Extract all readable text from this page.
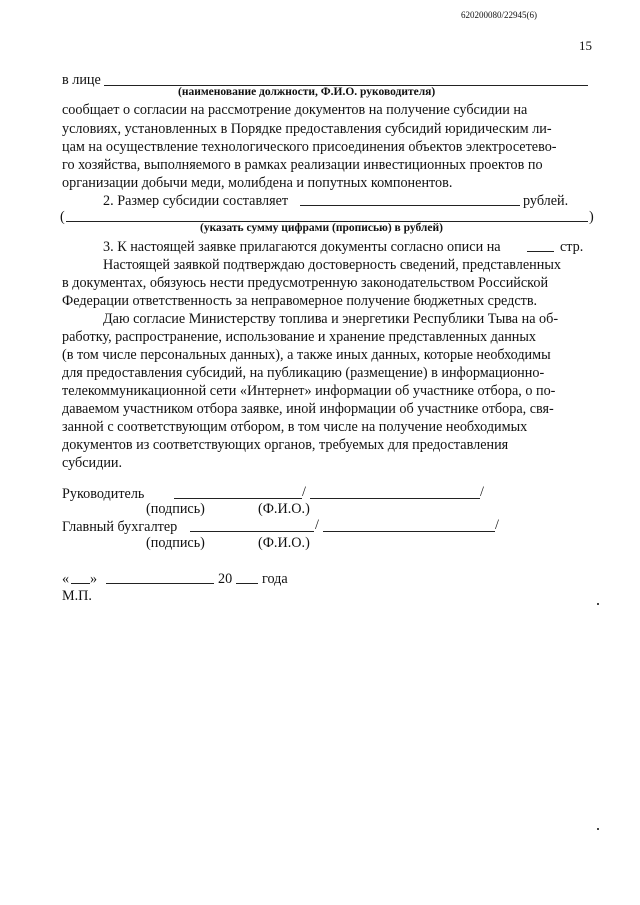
620200080/22945(6)
15
в лице
(наименование должности, Ф.И.О. руководителя)
сообщает о согласии на рассмотрение документов на получение субсидии на
условиях, установленных в Порядке предоставления субсидий юридическим ли-
цам на осуществление технологического присоединения объектов электросетево-
го хозяйства, выполняемого в рамках реализации инвестиционных проектов по
организации добычи меди, молибдена и попутных компонентов.
2. Размер субсидии составляет	рублей.
(	)
(указать сумму цифрами (прописью) в рублей)
3. К настоящей заявке прилагаются документы согласно описи на	стр.
Настоящей заявкой подтверждаю достоверность сведений, представленных
в документах, обязуюсь нести предусмотренную законодательством Российской
Федерации ответственность за неправомерное получение бюджетных средств.
Даю согласие Министерству топлива и энергетики Республики Тыва на об-
работку, распространение, использование и хранение представленных данных
(в том числе персональных данных), а также иных данных, которые необходимы
для предоставления субсидий, на публикацию (размещение) в информационно-
телекоммуникационной сети «Интернет» информации об участнике отбора, о по-
даваемом участником отбора заявке, иной информации об участнике отбора, свя-
занной с соответствующим отбором, в том числе на получение необходимых
документов из соответствующих органов, требуемых для предоставления
субсидии.
Руководитель	/	/
(подпись)	(Ф.И.О.)
Главный бухгалтер	/	/
(подпись)	(Ф.И.О.)
« »	20 года
М.П.
